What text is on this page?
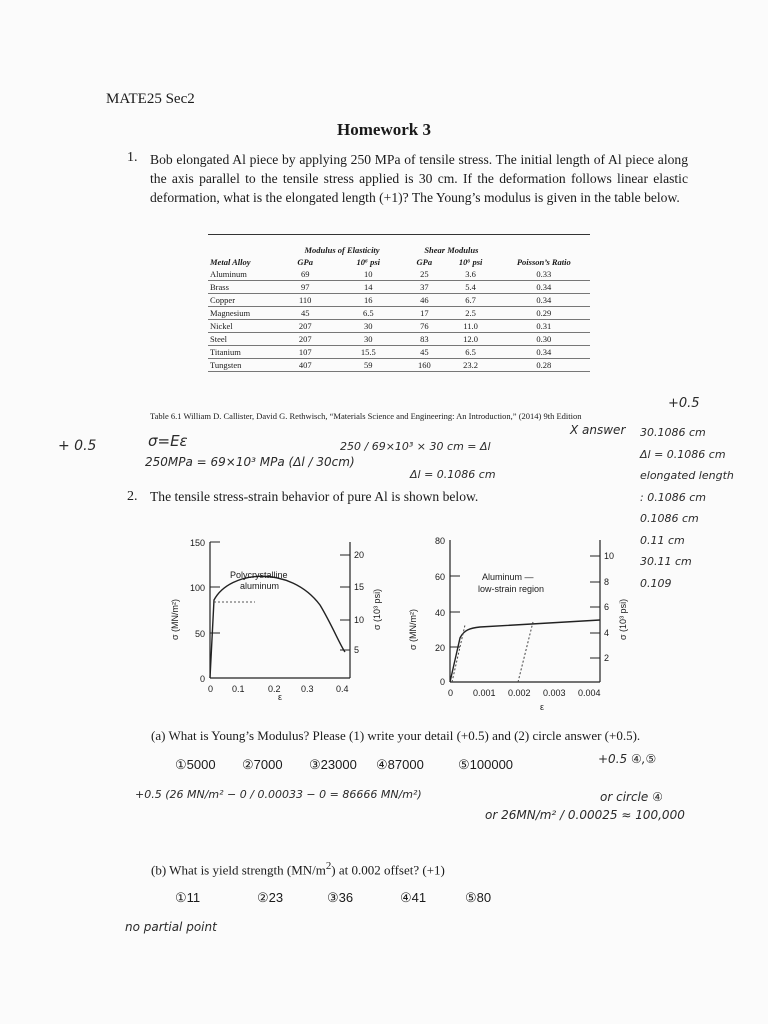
MATE25 Sec2
Homework 3
1. Bob elongated Al piece by applying 250 MPa of tensile stress. The initial length of Al piece along the axis parallel to the tensile stress applied is 30 cm. If the deformation follows linear elastic deformation, what is the elongated length (+1)? The Young’s modulus is given in the table below.
	Modulus of Elasticity		Shear Modulus		
Metal Alloy	GPa	10⁶ psi	GPa	10⁶ psi	Poisson’s Ratio
Aluminum	69	10	25	3.6	0.33
Brass	97	14	37	5.4	0.34
Copper	110	16	46	6.7	0.34
Magnesium	45	6.5	17	2.5	0.29
Nickel	207	30	76	11.0	0.31
Steel	207	30	83	12.0	0.30
Titanium	107	15.5	45	6.5	0.34
Tungsten	407	59	160	23.2	0.28
Table 6.1 William D. Callister, David G. Rethwisch, “Materials Science and Engineering: An Introduction,” (2014) 9th Edition
2. The tensile stress-strain behavior of pure Al is shown below.
150
100
50
0
0 0.1	0.2 0.3 0.4
20
15
10
5
Polycrystalline
aluminum
σ (MN/m²)	σ (10³ psi)
ε
80
60
40
20
0
0 0.001 0.002 0.003 0.004
10
8
6
4
2
Aluminum —
low-strain region
σ (MN/m²)	σ (10³ psi)
ε
(a) What is Young’s Modulus? Please (1) write your detail (+0.5) and (2) circle answer (+0.5).
①5000	②7000	③23000	④87000	⑤100000
(b) What is yield strength $(MN/m^2)$ at 0.002 offset? (+1)
①11	②23	③36	④41	⑤80
+ 0.5	σ=Eε
250MPa = 69×10³ MPa (Δl / 30cm)
250 / 69×10³ × 30 cm = Δl
Δl = 0.1086 cm
+0.5
X answer 30.1086 cm
Δl = 0.1086 cm
elongated length
: 0.1086 cm
0.1086 cm
0.11 cm
30.11 cm
0.109
+0.5 (26 MN/m² − 0 / 0.00033 − 0 = 86666 MN/m²)
or 26MN/m² / 0.00025 ≈ 100,000
+0.5 ④,⑤
or circle ④
no partial point
